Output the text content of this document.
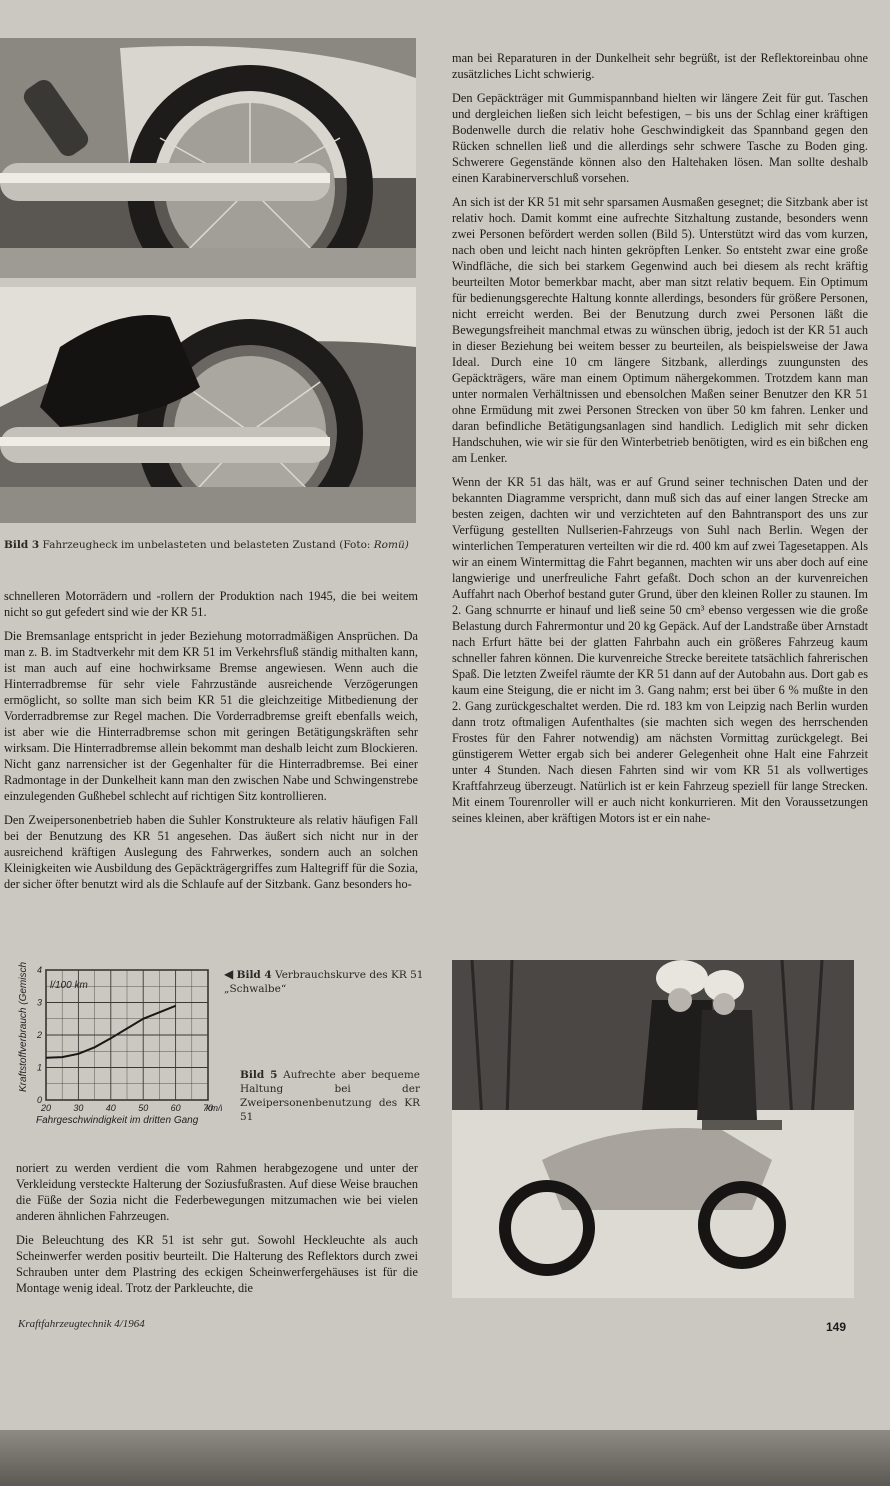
Bild 3 Fahrzeugheck im unbelasteten und belasteten Zustand (Foto: Romü)

man bei Reparaturen in der Dunkelheit sehr begrüßt, ist der Reflektoreinbau ohne zusätzliches Licht schwierig.

Den Gepäckträger mit Gummispannband hielten wir längere Zeit für gut. Taschen und dergleichen ließen sich leicht befestigen, – bis uns der Schlag einer kräftigen Bodenwelle durch die relativ hohe Geschwindigkeit das Spannband gegen den Rücken schnellen ließ und die allerdings sehr schwere Tasche zu Boden ging. Schwerere Gegenstände können also den Haltehaken lösen. Man sollte deshalb einen Karabinerverschluß vorsehen.

An sich ist der KR 51 mit sehr sparsamen Ausmaßen gesegnet; die Sitzbank aber ist relativ hoch. Damit kommt eine aufrechte Sitzhaltung zustande, besonders wenn zwei Personen befördert werden sollen (Bild 5). Unterstützt wird das vom kurzen, nach oben und leicht nach hinten gekröpften Lenker. So entsteht zwar eine große Windfläche, die sich bei starkem Gegenwind auch bei diesem als recht kräftig beurteilten Motor bemerkbar macht, aber man sitzt relativ bequem. Ein Optimum für bedienungsgerechte Haltung konnte allerdings, besonders für größere Personen, nicht erreicht werden. Bei der Benutzung durch zwei Personen läßt die Bewegungsfreiheit manchmal etwas zu wünschen übrig, jedoch ist der KR 51 auch in dieser Beziehung bei weitem besser zu beurteilen, als beispielsweise der Jawa Ideal. Durch eine 10 cm längere Sitzbank, allerdings zuungunsten des Gepäckträgers, wäre man einem Optimum nähergekommen. Trotzdem kann man unter normalen Verhältnissen und ebensolchen Maßen seiner Benutzer den KR 51 ohne Ermüdung mit zwei Personen Strecken von über 50 km fahren. Lenker und daran befindliche Betätigungsanlagen sind handlich. Lediglich mit sehr dicken Handschuhen, wie wir sie für den Winterbetrieb benötigten, wird es ein bißchen eng am Lenker.

Wenn der KR 51 das hält, was er auf Grund seiner technischen Daten und der bekannten Diagramme verspricht, dann muß sich das auf einer langen Strecke am besten zeigen, dachten wir und verzichteten auf den Bahntransport des uns zur Verfügung gestellten Nullserien-Fahrzeugs von Suhl nach Berlin. Wegen der winterlichen Temperaturen verteilten wir die rd. 400 km auf zwei Tagesetappen. Als wir an einem Wintermittag die Fahrt begannen, machten wir uns aber doch auf eine langwierige und unerfreuliche Fahrt gefaßt. Doch schon an der kurvenreichen Auffahrt nach Oberhof bestand guter Grund, über den kleinen Roller zu staunen. Im 2. Gang schnurrte er hinauf und ließ seine 50 cm³ ebenso vergessen wie die große Belastung durch Fahrermontur und 20 kg Gepäck. Auf der Landstraße über Arnstadt nach Erfurt hätte bei der glatten Fahrbahn auch ein größeres Fahrzeug kaum schneller fahren können. Die kurvenreiche Strecke bereitete tatsächlich fahrerischen Spaß. Die letzten Zweifel räumte der KR 51 dann auf der Autobahn aus. Dort gab es kaum eine Steigung, die er nicht im 3. Gang nahm; erst bei über 6 % mußte in den 2. Gang zurückgeschaltet werden. Die rd. 183 km von Leipzig nach Berlin wurden dann trotz oftmaligen Aufenthaltes (sie machten sich wegen des herrschenden Frostes für den Fahrer notwendig) am nächsten Vormittag zurückgelegt. Bei günstigerem Wetter ergab sich bei anderer Gelegenheit ohne Halt eine Fahrzeit unter 4 Stunden. Nach diesen Fahrten sind wir vom KR 51 als vollwertiges Kraftfahrzeug überzeugt. Natürlich ist er kein Fahrzeug speziell für lange Strecken. Mit einem Tourenroller will er auch nicht konkurrieren. Mit den Voraussetzungen seines kleinen, aber kräftigen Motors ist er ein nahe-

schnelleren Motorrädern und -rollern der Produktion nach 1945, die bei weitem nicht so gut gefedert sind wie der KR 51.

Die Bremsanlage entspricht in jeder Beziehung motorradmäßigen Ansprüchen. Da man z. B. im Stadtverkehr mit dem KR 51 im Verkehrsfluß ständig mithalten kann, ist man auch auf eine hochwirksame Bremse angewiesen. Wenn auch die Hinterradbremse für sehr viele Fahrzustände ausreichende Verzögerungen ermöglicht, so sollte man sich beim KR 51 die gleichzeitige Mitbedienung der Vorderradbremse zur Regel machen. Die Vorderradbremse greift ebenfalls weich, ist aber wie die Hinterradbremse schon mit geringen Betätigungskräften sehr wirksam. Die Hinterradbremse allein bekommt man deshalb leicht zum Blockieren. Nicht ganz narrensicher ist der Gegenhalter für die Hinterradbremse. Bei einer Radmontage in der Dunkelheit kann man den zwischen Nabe und Schwingenstrebe einzulegenden Gußhebel schlecht auf richtigen Sitz kontrollieren.

Den Zweipersonenbetrieb haben die Suhler Konstrukteure als relativ häufigen Fall bei der Benutzung des KR 51 angesehen. Das äußert sich nicht nur in der ausreichend kräftigen Auslegung des Fahrwerkes, sondern auch an solchen Kleinigkeiten wie Ausbildung des Gepäckträgergriffes zum Haltegriff für die Sozia, der sicher öfter benutzt wird als die Schlaufe auf der Sitzbank. Ganz besonders ho-

20 30 40 50 60 70
0
1
2
3
4
km/
l/100 km
Kraftstoffverbrauch (Gemisch 1:33)
Fahrgeschwindigkeit im dritten Gang
◀ Bild 4 Verbrauchskurve des KR 51 „Schwalbe“
Bild 5 Aufrechte aber bequeme Haltung bei der Zweipersonenbenutzung des KR 51

noriert zu werden verdient die vom Rahmen herabgezogene und unter der Verkleidung versteckte Halterung der Soziusfußrasten. Auf diese Weise brauchen die Füße der Sozia nicht die Federbewegungen mitzumachen wie bei vielen anderen ähnlichen Fahrzeugen.

Die Beleuchtung des KR 51 ist sehr gut. Sowohl Heckleuchte als auch Scheinwerfer werden positiv beurteilt. Die Halterung des Reflektors durch zwei Schrauben unter dem Plastring des eckigen Scheinwerfergehäuses ist für die Montage wenig ideal. Trotz der Parkleuchte, die

Kraftfahrzeugtechnik 4/1964	149
